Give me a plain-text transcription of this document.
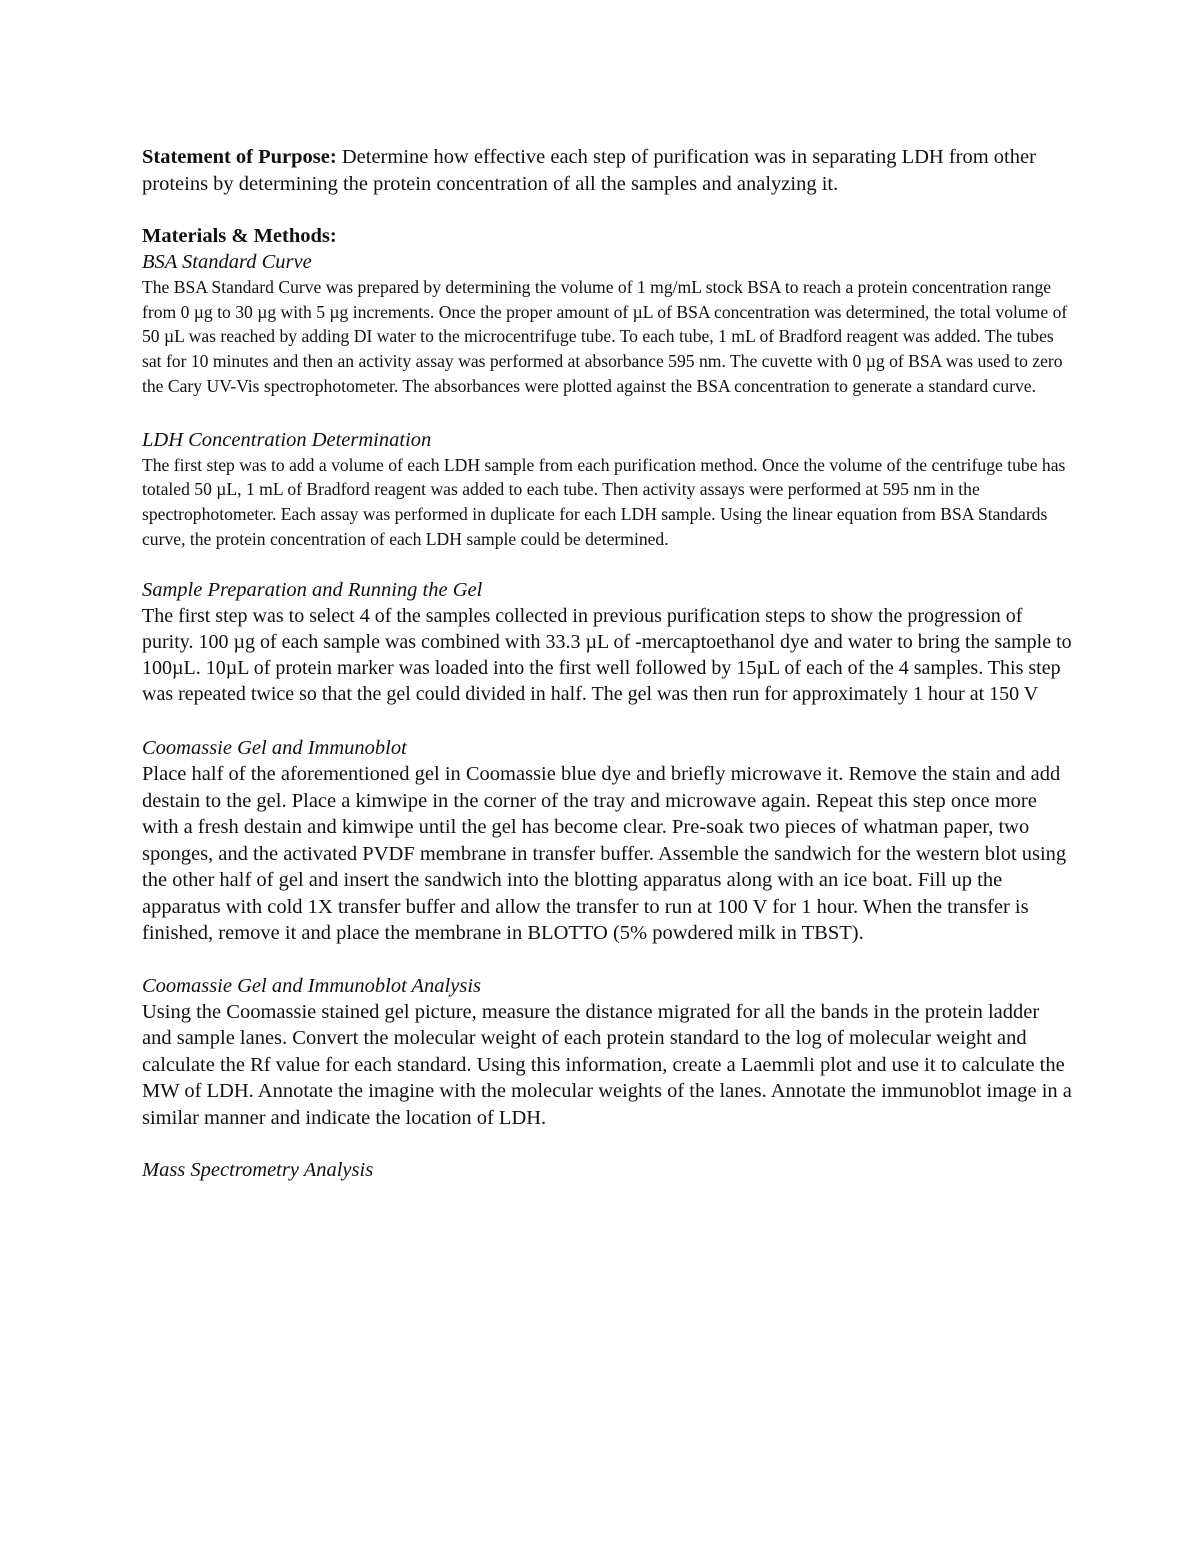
Statement of Purpose: Determine how effective each step of purification was in separating LDH from other proteins by determining the protein concentration of all the samples and analyzing it.

Materials & Methods:

BSA Standard Curve

The BSA Standard Curve was prepared by determining the volume of 1 mg/mL stock BSA to reach a protein concentration range from 0 µg to 30 µg with 5 µg increments. Once the proper amount of µL of BSA concentration was determined, the total volume of 50 µL was reached by adding DI water to the microcentrifuge tube. To each tube, 1 mL of Bradford reagent was added. The tubes sat for 10 minutes and then an activity assay was performed at absorbance 595 nm. The cuvette with 0 µg of BSA was used to zero the Cary UV-Vis spectrophotometer. The absorbances were plotted against the BSA concentration to generate a standard curve.

LDH Concentration Determination

The first step was to add a volume of each LDH sample from each purification method. Once the volume of the centrifuge tube has totaled 50 µL, 1 mL of Bradford reagent was added to each tube. Then activity assays were performed at 595 nm in the spectrophotometer. Each assay was performed in duplicate for each LDH sample. Using the linear equation from BSA Standards curve, the protein concentration of each LDH sample could be determined.

Sample Preparation and Running the Gel

The first step was to select 4 of the samples collected in previous purification steps to show the progression of purity. 100 µg of each sample was combined with 33.3 µL of -mercaptoethanol dye and water to bring the sample to 100µL. 10µL of protein marker was loaded into the first well followed by 15µL of each of the 4 samples. This step was repeated twice so that the gel could divided in half. The gel was then run for approximately 1 hour at 150 V

Coomassie Gel and Immunoblot

Place half of the aforementioned gel in Coomassie blue dye and briefly microwave it. Remove the stain and add destain to the gel. Place a kimwipe in the corner of the tray and microwave again. Repeat this step once more with a fresh destain and kimwipe until the gel has become clear. Pre-soak two pieces of whatman paper, two sponges, and the activated PVDF membrane in transfer buffer. Assemble the sandwich for the western blot using the other half of gel and insert the sandwich into the blotting apparatus along with an ice boat. Fill up the apparatus with cold 1X transfer buffer and allow the transfer to run at 100 V for 1 hour. When the transfer is finished, remove it and place the membrane in BLOTTO (5% powdered milk in TBST).

Coomassie Gel and Immunoblot Analysis

Using the Coomassie stained gel picture, measure the distance migrated for all the bands in the protein ladder and sample lanes. Convert the molecular weight of each protein standard to the log of molecular weight and calculate the Rf value for each standard. Using this information, create a Laemmli plot and use it to calculate the MW of LDH. Annotate the imagine with the molecular weights of the lanes. Annotate the immunoblot image in a similar manner and indicate the location of LDH.

Mass Spectrometry Analysis
